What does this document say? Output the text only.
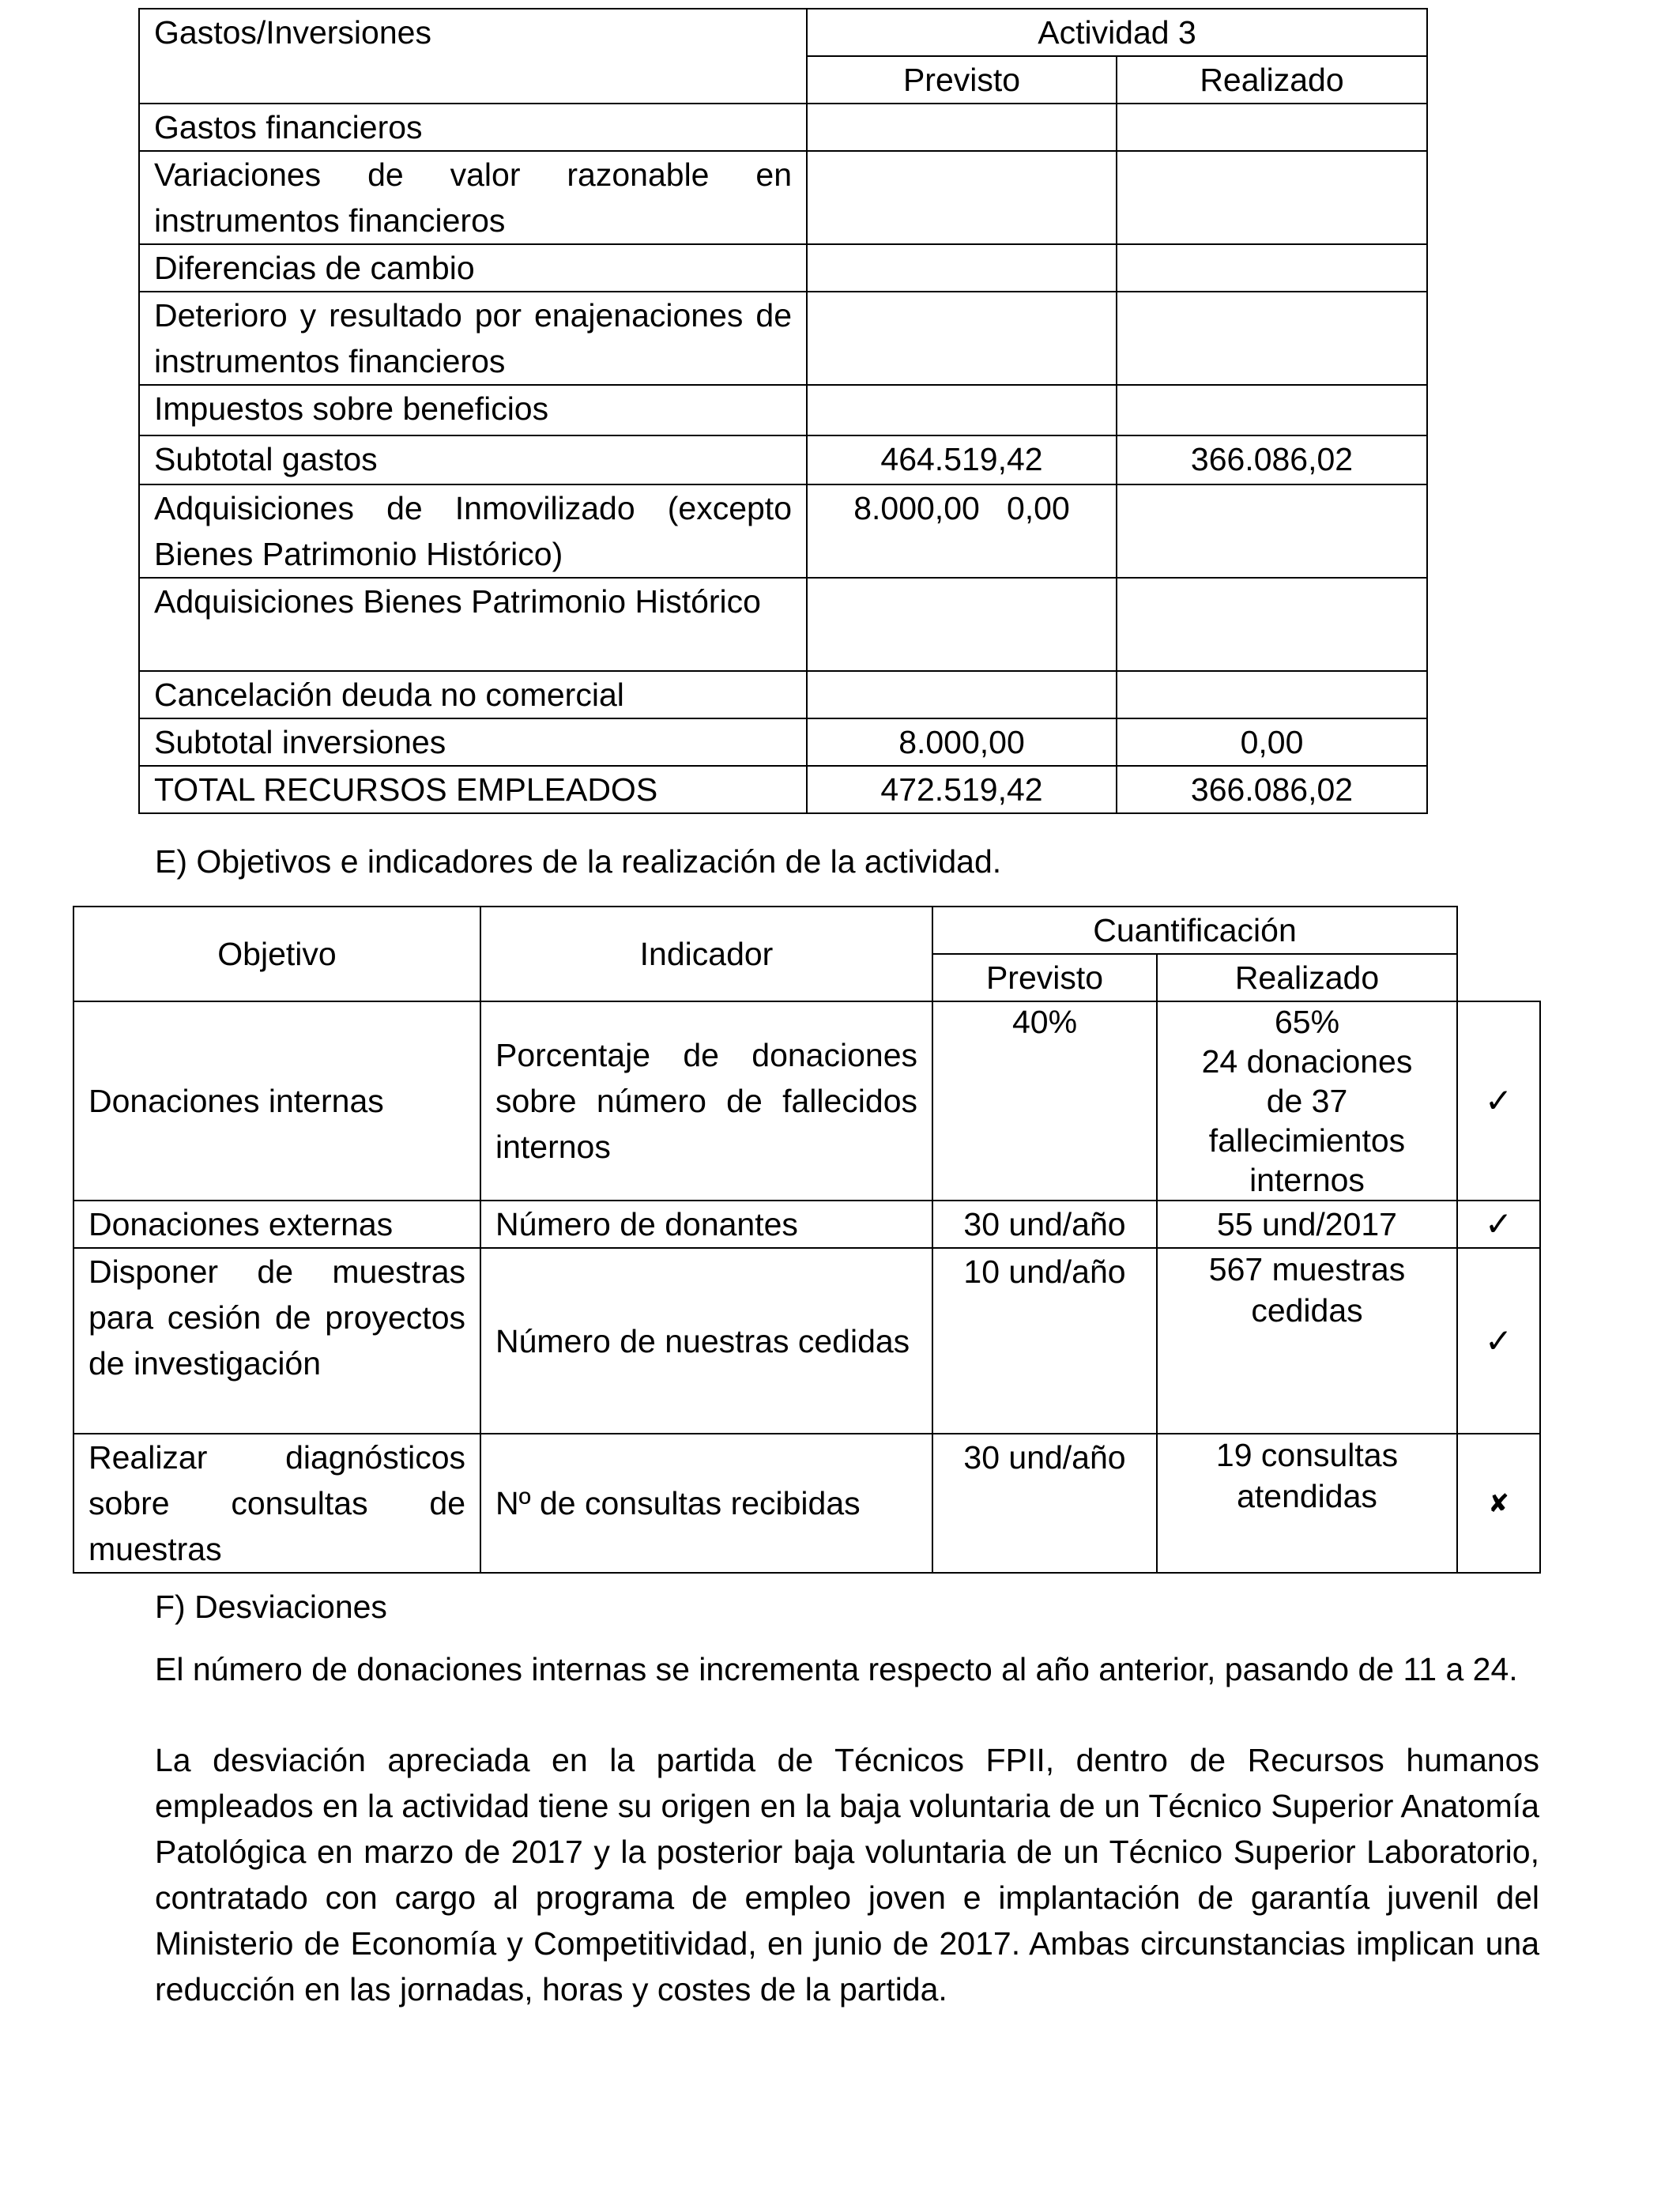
Gastos/Inversiones	Actividad 3	
	Previsto	Realizado
Gastos financieros		
Variaciones de valor razonable en instrumentos financieros		
Diferencias de cambio		
Deterioro y resultado por enajenaciones de instrumentos financieros		
Impuestos sobre beneficios		
Subtotal gastos	464.519,42	366.086,02
Adquisiciones de Inmovilizado (excepto Bienes Patrimonio Histórico)	8.000,00   0,00	
Adquisiciones Bienes Patrimonio Histórico		
Cancelación deuda no comercial		
Subtotal inversiones	8.000,00	0,00
TOTAL RECURSOS EMPLEADOS	472.519,42	366.086,02

E) Objetivos e indicadores de la realización de la actividad.

Objetivo	Indicador	Cuantificación		
		Previsto	Realizado	
Donaciones internas	Porcentaje de donaciones sobre número de fallecidos internos	40%	65%
24 donaciones
de 37
fallecimientos
internos	✓
Donaciones externas	Número de donantes	30 und/año	55 und/2017	✓
Disponer de muestras para cesión de proyectos de investigación	Número de nuestras cedidas	10 und/año	567 muestras
cedidas	✓
Realizar diagnósticos sobre consultas de muestras	Nº de consultas recibidas	30 und/año	19 consultas
atendidas	✘

F) Desviaciones

El número de donaciones internas se incrementa respecto al año anterior, pasando de 11 a 24.

La desviación apreciada en la partida de Técnicos FPII, dentro de Recursos humanos empleados en la actividad tiene su origen en la baja voluntaria de un Técnico Superior Anatomía Patológica en marzo de 2017 y la posterior baja voluntaria de un Técnico Superior Laboratorio, contratado con cargo al programa de empleo joven e implantación de garantía juvenil del Ministerio de Economía y Competitividad, en junio de 2017. Ambas circunstancias implican una reducción en las jornadas, horas y costes de la partida.
